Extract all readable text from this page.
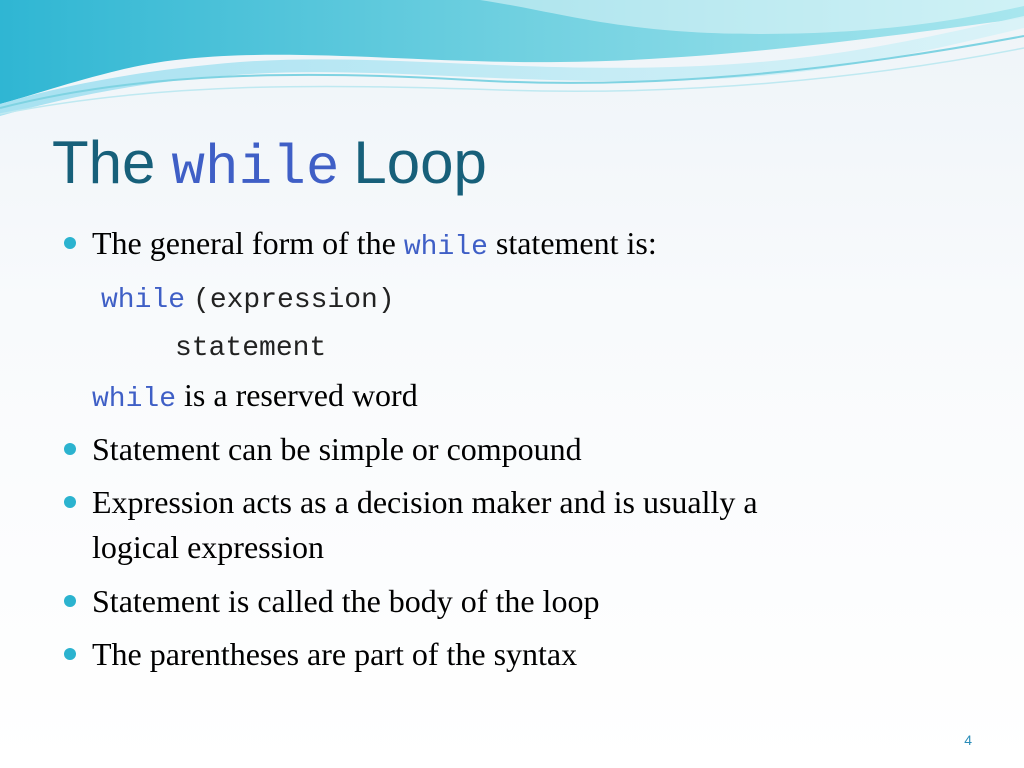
The while Loop
The general form of the while statement is:
while (expression)
statement
while is a reserved word
Statement can be simple or compound
Expression acts as a decision maker and is usually a
logical expression
Statement is called the body of the loop
The parentheses are part of the syntax
4
